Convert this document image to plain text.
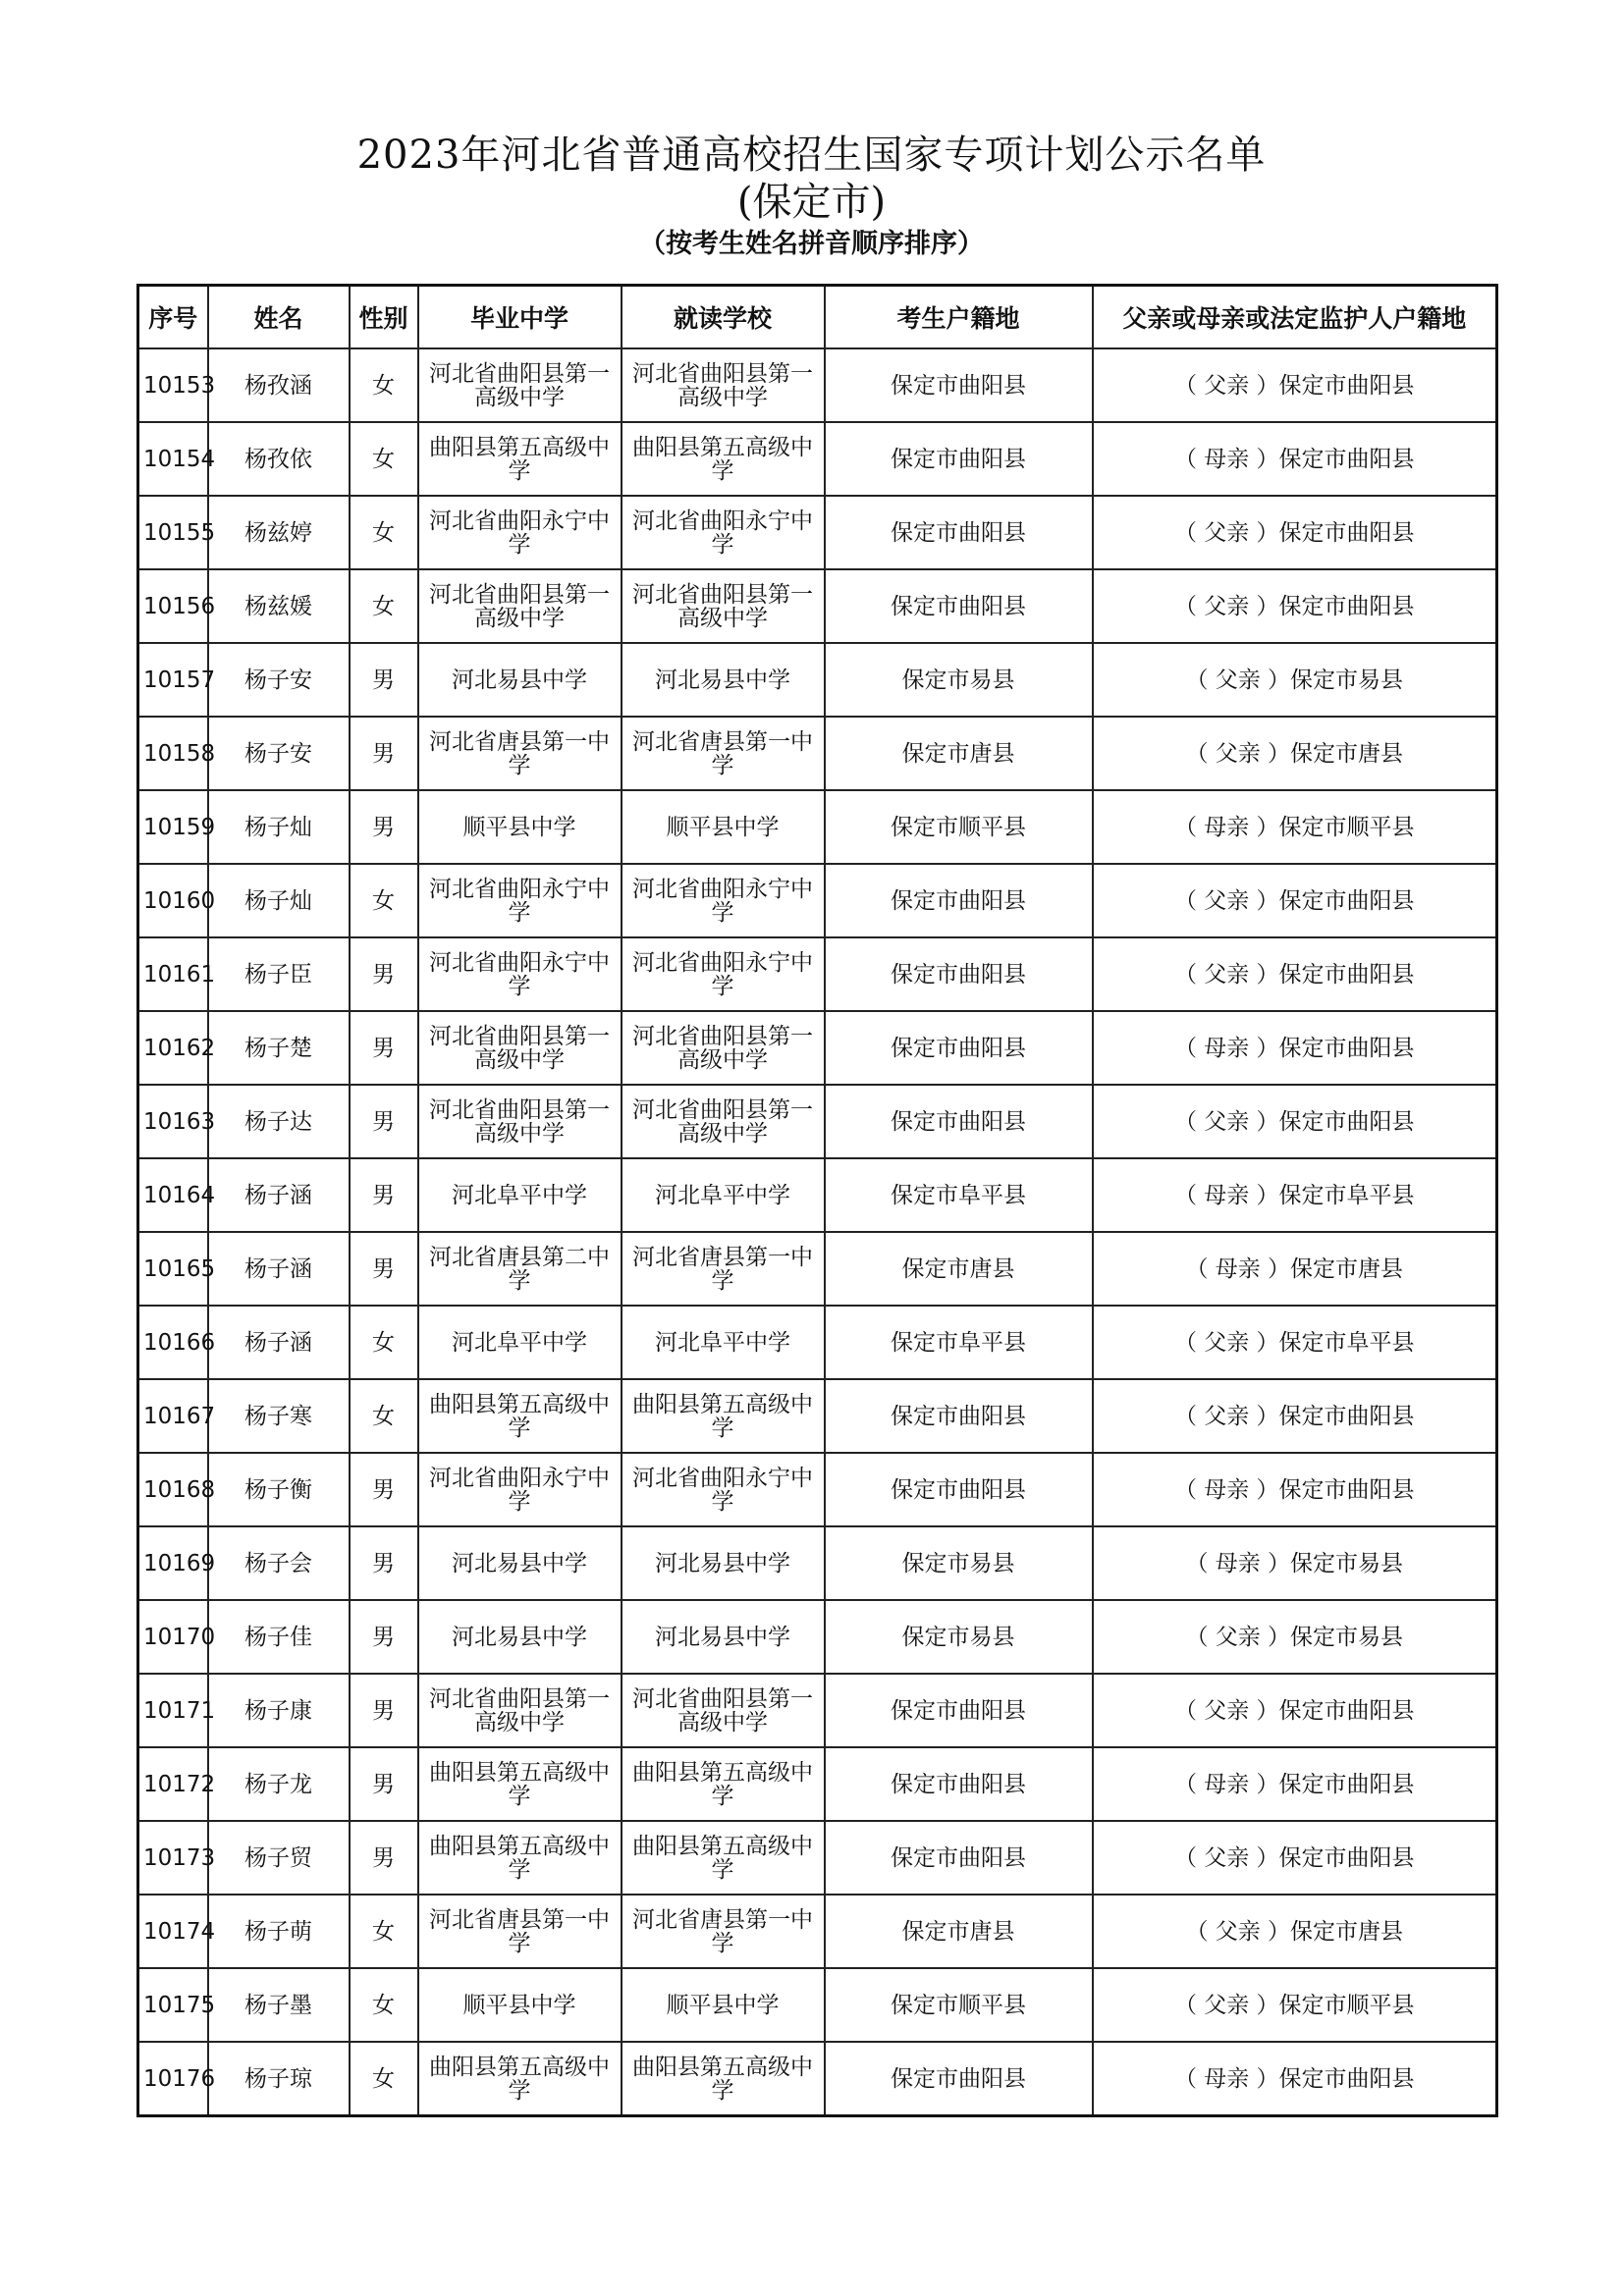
2023年河北省普通高校招生国家专项计划公示名单
(保定市)
（按考生姓名拼音顺序排序）
序号	姓名	性别	毕业中学	就读学校	考生户籍地	父亲或母亲或法定监护人户籍地
10153	杨孜涵	女	河北省曲阳县第一高级中学	河北省曲阳县第一高级中学	保定市曲阳县	（ 父亲 ）保定市曲阳县
10154	杨孜依	女	曲阳县第五高级中学	曲阳县第五高级中学	保定市曲阳县	（ 母亲 ）保定市曲阳县
10155	杨兹婷	女	河北省曲阳永宁中学	河北省曲阳永宁中学	保定市曲阳县	（ 父亲 ）保定市曲阳县
10156	杨兹媛	女	河北省曲阳县第一高级中学	河北省曲阳县第一高级中学	保定市曲阳县	（ 父亲 ）保定市曲阳县
10157	杨子安	男	河北易县中学	河北易县中学	保定市易县	（ 父亲 ）保定市易县
10158	杨子安	男	河北省唐县第一中学	河北省唐县第一中学	保定市唐县	（ 父亲 ）保定市唐县
10159	杨子灿	男	顺平县中学	顺平县中学	保定市顺平县	（ 母亲 ）保定市顺平县
10160	杨子灿	女	河北省曲阳永宁中学	河北省曲阳永宁中学	保定市曲阳县	（ 父亲 ）保定市曲阳县
10161	杨子臣	男	河北省曲阳永宁中学	河北省曲阳永宁中学	保定市曲阳县	（ 父亲 ）保定市曲阳县
10162	杨子楚	男	河北省曲阳县第一高级中学	河北省曲阳县第一高级中学	保定市曲阳县	（ 母亲 ）保定市曲阳县
10163	杨子达	男	河北省曲阳县第一高级中学	河北省曲阳县第一高级中学	保定市曲阳县	（ 父亲 ）保定市曲阳县
10164	杨子涵	男	河北阜平中学	河北阜平中学	保定市阜平县	（ 母亲 ）保定市阜平县
10165	杨子涵	男	河北省唐县第二中学	河北省唐县第一中学	保定市唐县	（ 母亲 ）保定市唐县
10166	杨子涵	女	河北阜平中学	河北阜平中学	保定市阜平县	（ 父亲 ）保定市阜平县
10167	杨子寒	女	曲阳县第五高级中学	曲阳县第五高级中学	保定市曲阳县	（ 父亲 ）保定市曲阳县
10168	杨子衡	男	河北省曲阳永宁中学	河北省曲阳永宁中学	保定市曲阳县	（ 母亲 ）保定市曲阳县
10169	杨子会	男	河北易县中学	河北易县中学	保定市易县	（ 母亲 ）保定市易县
10170	杨子佳	男	河北易县中学	河北易县中学	保定市易县	（ 父亲 ）保定市易县
10171	杨子康	男	河北省曲阳县第一高级中学	河北省曲阳县第一高级中学	保定市曲阳县	（ 父亲 ）保定市曲阳县
10172	杨子龙	男	曲阳县第五高级中学	曲阳县第五高级中学	保定市曲阳县	（ 母亲 ）保定市曲阳县
10173	杨子贸	男	曲阳县第五高级中学	曲阳县第五高级中学	保定市曲阳县	（ 父亲 ）保定市曲阳县
10174	杨子萌	女	河北省唐县第一中学	河北省唐县第一中学	保定市唐县	（ 父亲 ）保定市唐县
10175	杨子墨	女	顺平县中学	顺平县中学	保定市顺平县	（ 父亲 ）保定市顺平县
10176	杨子琼	女	曲阳县第五高级中学	曲阳县第五高级中学	保定市曲阳县	（ 母亲 ）保定市曲阳县
